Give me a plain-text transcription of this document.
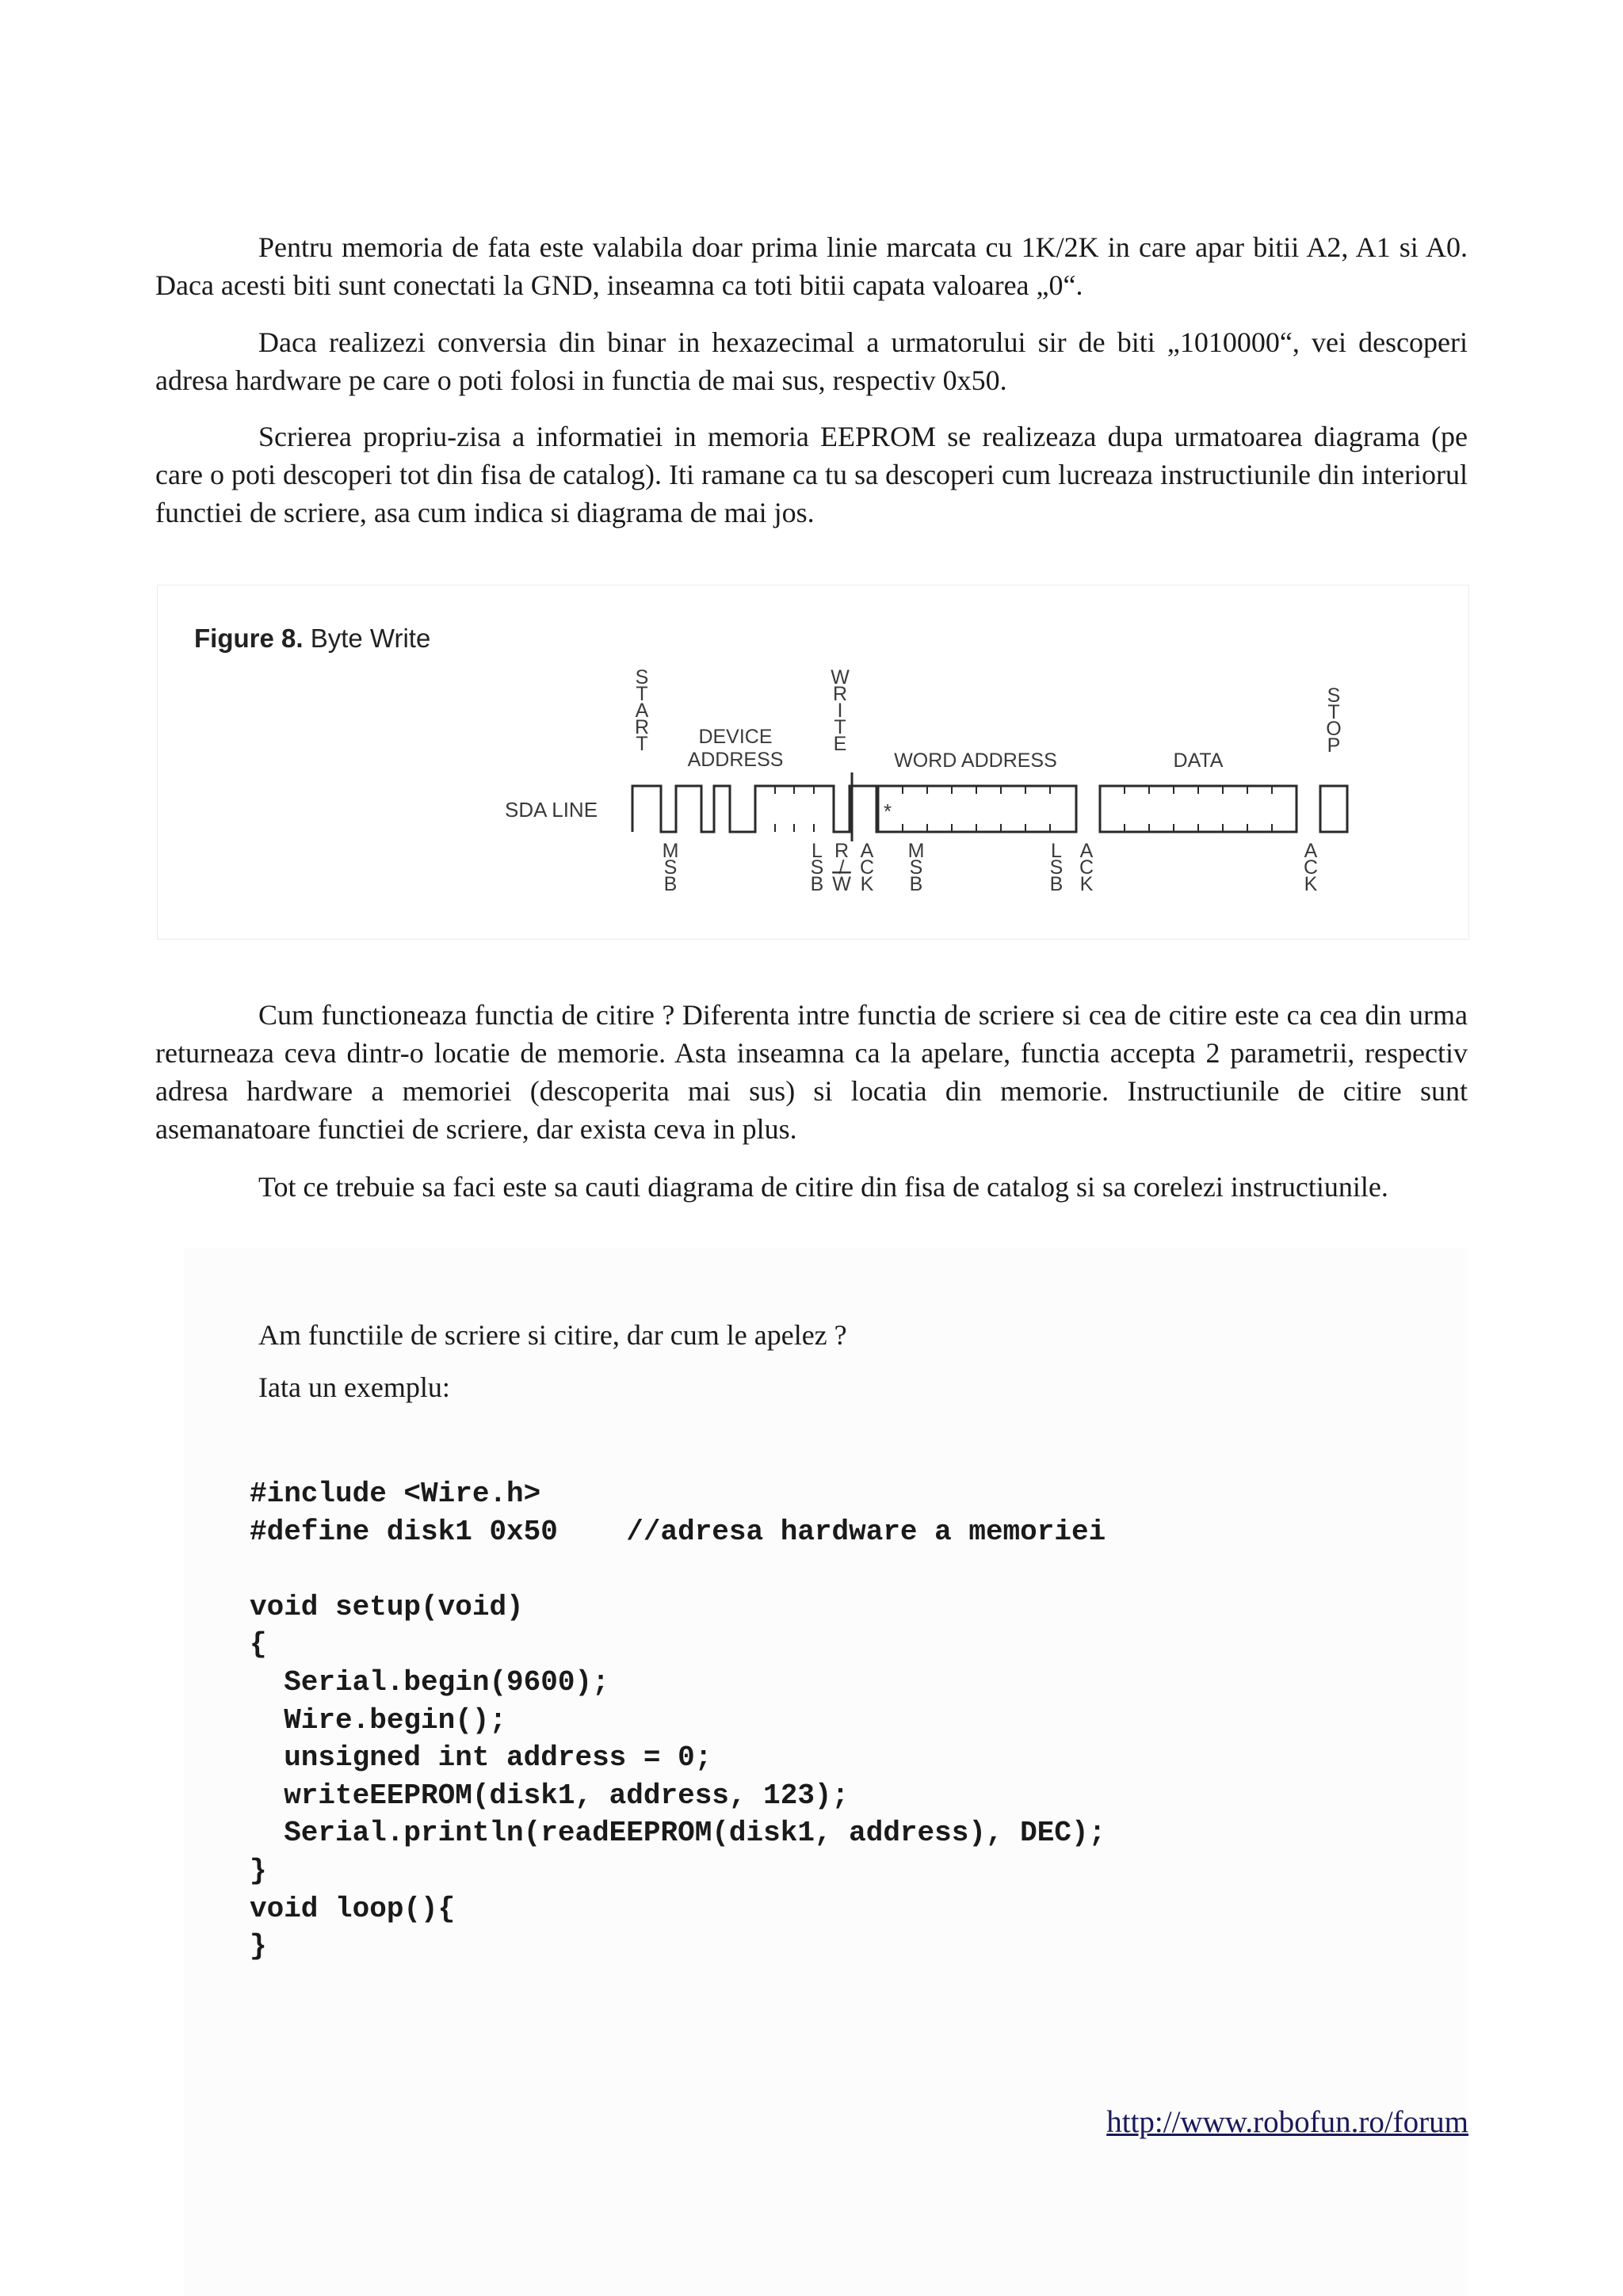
Pentru memoria de fata este valabila doar prima linie marcata cu 1K/2K in care apar bitii A2, A1 si A0. Daca acesti biti sunt conectati la GND, inseamna ca toti bitii capata valoarea „0“.

Daca realizezi conversia din binar in hexazecimal a urmatorului sir de biti „1010000“, vei descoperi adresa hardware pe care o poti folosi in functia de mai sus, respectiv 0x50.

Scrierea propriu-zisa a informatiei in memoria EEPROM se realizeaza dupa urmatoarea diagrama (pe care o poti descoperi tot din fisa de catalog). Iti ramane ca tu sa descoperi cum lucreaza instructiunile din interiorul functiei de scriere, asa cum indica si diagrama de mai jos.

Figure 8. Byte Write
S T A R T
W R I T E
S T O P
DEVICE
ADDRESS	WORD ADDRESS	DATA
SDA LINE	*
M S B
L S B
A C K
M S B
L S B
A C K
A C K
R / W

Cum functioneaza functia de citire ? Diferenta intre functia de scriere si cea de citire este ca cea din urma returneaza ceva dintr-o locatie de memorie. Asta inseamna ca la apelare, functia accepta 2 parametrii, respectiv adresa hardware a memoriei (descoperita mai sus) si locatia din memorie. Instructiunile de citire sunt asemanatoare functiei de scriere, dar exista ceva in plus.

Tot ce trebuie sa faci este sa cauti diagrama de citire din fisa de catalog si sa corelezi instructiunile.

Am functiile de scriere si citire, dar cum le apelez ?

Iata un exemplu:

#include <Wire.h>
#define disk1 0x50    //adresa hardware a memoriei

void setup(void)
{
Serial.begin(9600);
Wire.begin();
unsigned int address = 0;
writeEEPROM(disk1, address, 123);
Serial.println(readEEPROM(disk1, address), DEC);
}
void loop(){
}
http://www.robofun.ro/forum
